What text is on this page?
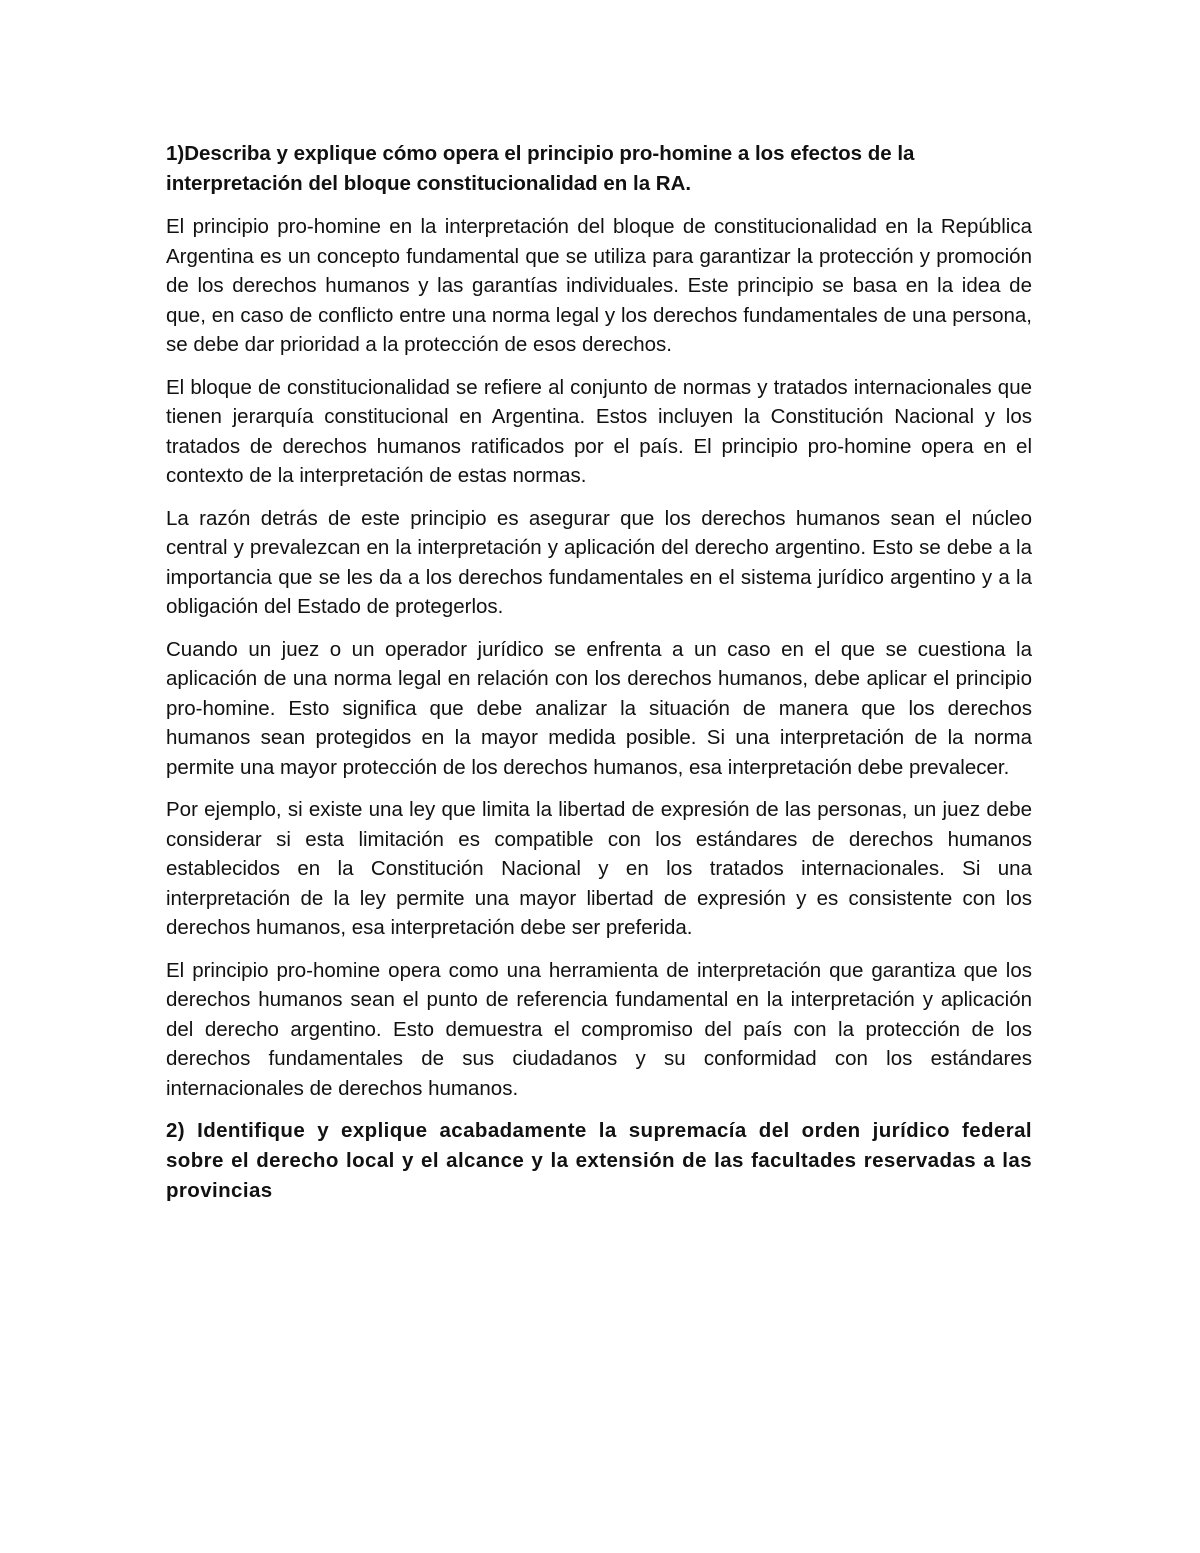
1)Describa y explique cómo opera el principio pro-homine a los efectos de la interpretación del bloque constitucionalidad en la RA.

El principio pro-homine en la interpretación del bloque de constitucionalidad en la República Argentina es un concepto fundamental que se utiliza para garantizar la protección y promoción de los derechos humanos y las garantías individuales. Este principio se basa en la idea de que, en caso de conflicto entre una norma legal y los derechos fundamentales de una persona, se debe dar prioridad a la protección de esos derechos.

El bloque de constitucionalidad se refiere al conjunto de normas y tratados internacionales que tienen jerarquía constitucional en Argentina. Estos incluyen la Constitución Nacional y los tratados de derechos humanos ratificados por el país. El principio pro-homine opera en el contexto de la interpretación de estas normas.

La razón detrás de este principio es asegurar que los derechos humanos sean el núcleo central y prevalezcan en la interpretación y aplicación del derecho argentino. Esto se debe a la importancia que se les da a los derechos fundamentales en el sistema jurídico argentino y a la obligación del Estado de protegerlos.

Cuando un juez o un operador jurídico se enfrenta a un caso en el que se cuestiona la aplicación de una norma legal en relación con los derechos humanos, debe aplicar el principio pro-homine. Esto significa que debe analizar la situación de manera que los derechos humanos sean protegidos en la mayor medida posible. Si una interpretación de la norma permite una mayor protección de los derechos humanos, esa interpretación debe prevalecer.

Por ejemplo, si existe una ley que limita la libertad de expresión de las personas, un juez debe considerar si esta limitación es compatible con los estándares de derechos humanos establecidos en la Constitución Nacional y en los tratados internacionales. Si una interpretación de la ley permite una mayor libertad de expresión y es consistente con los derechos humanos, esa interpretación debe ser preferida.

El principio pro-homine opera como una herramienta de interpretación que garantiza que los derechos humanos sean el punto de referencia fundamental en la interpretación y aplicación del derecho argentino. Esto demuestra el compromiso del país con la protección de los derechos fundamentales de sus ciudadanos y su conformidad con los estándares internacionales de derechos humanos.

2) Identifique y explique acabadamente la supremacía del orden jurídico federal sobre el derecho local y el alcance y la extensión de las facultades reservadas a las provincias
